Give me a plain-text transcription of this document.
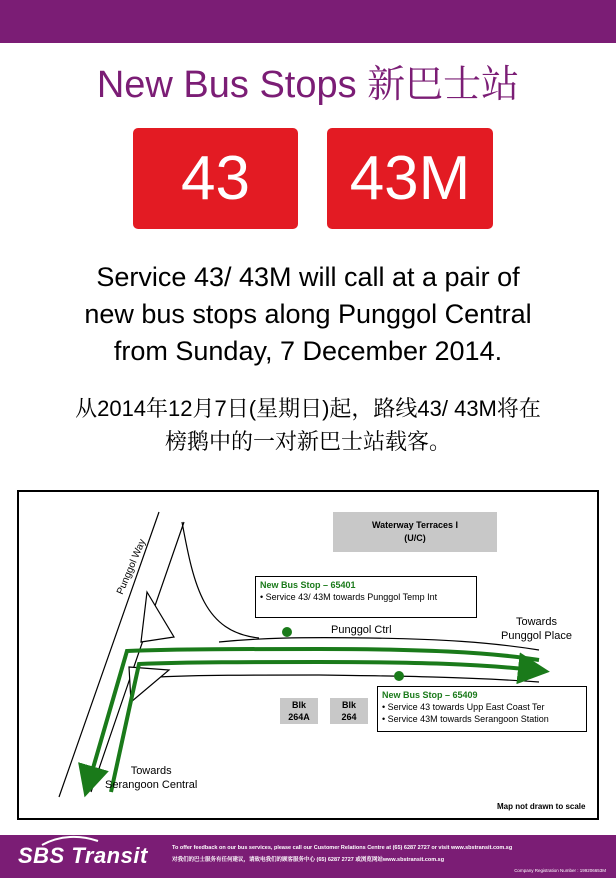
New Bus Stops 新巴士站
43	43M
Service 43/ 43M will call at a pair of
new bus stops along Punggol Central
from Sunday, 7 December 2014.
从2014年12月7日(星期日)起，路线43/ 43M将在
榜鹅中的一对新巴士站载客。
Waterway Terraces I
(U/C)
New Bus Stop – 65401
• Service 43/ 43M towards Punggol Temp Int
New Bus Stop – 65409
• Service 43 towards Upp East Coast Ter
• Service 43M towards Serangoon Station
Punggol Way
Punggol Ctrl
Towards
Punggol Place
Towards
Serangoon Central
Blk
264A
Blk
264
Map not drawn to scale
SBS Transit	To offer feedback on our bus services, please call our Customer Relations Centre at (65) 6287 2727 or visit www.sbstransit.com.sg
对我们的巴士服务有任何建议，请致电我们的顾客服务中心 (65) 6287 2727 或浏览网站www.sbstransit.com.sg
Company Registration Number : 199206653M
